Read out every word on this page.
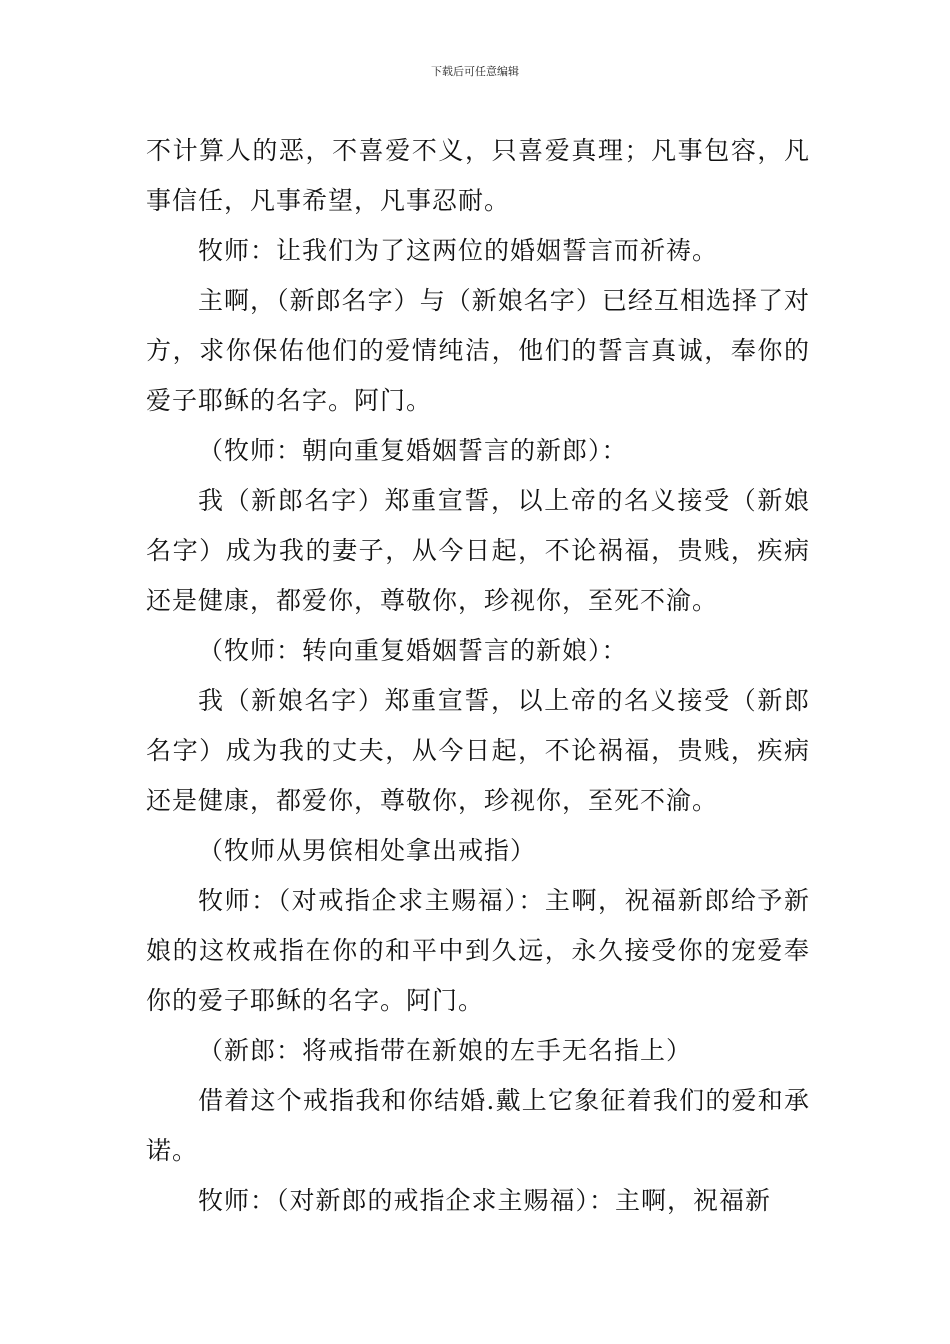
下载后可任意编辑

不计算人的恶，不喜爱不义，只喜爱真理；凡事包容，凡事信任，凡事希望，凡事忍耐。

牧师：让我们为了这两位的婚姻誓言而祈祷。

主啊，（新郎名字）与（新娘名字）已经互相选择了对方，求你保佑他们的爱情纯洁，他们的誓言真诚，奉你的爱子耶稣的名字。阿门。

（牧师：朝向重复婚姻誓言的新郎）：

我（新郎名字）郑重宣誓，以上帝的名义接受（新娘名字）成为我的妻子，从今日起，不论祸福，贵贱，疾病还是健康，都爱你，尊敬你，珍视你，至死不渝。

（牧师：转向重复婚姻誓言的新娘）：

我（新娘名字）郑重宣誓，以上帝的名义接受（新郎名字）成为我的丈夫，从今日起，不论祸福，贵贱，疾病还是健康，都爱你，尊敬你，珍视你，至死不渝。

（牧师从男傧相处拿出戒指）

牧师：（对戒指企求主赐福）：主啊，祝福新郎给予新娘的这枚戒指在你的和平中到久远，永久接受你的宠爱奉你的爱子耶稣的名字。阿门。

（新郎：将戒指带在新娘的左手无名指上）

借着这个戒指我和你结婚.戴上它象征着我们的爱和承诺。

牧师：（对新郎的戒指企求主赐福）：主啊，祝福新
